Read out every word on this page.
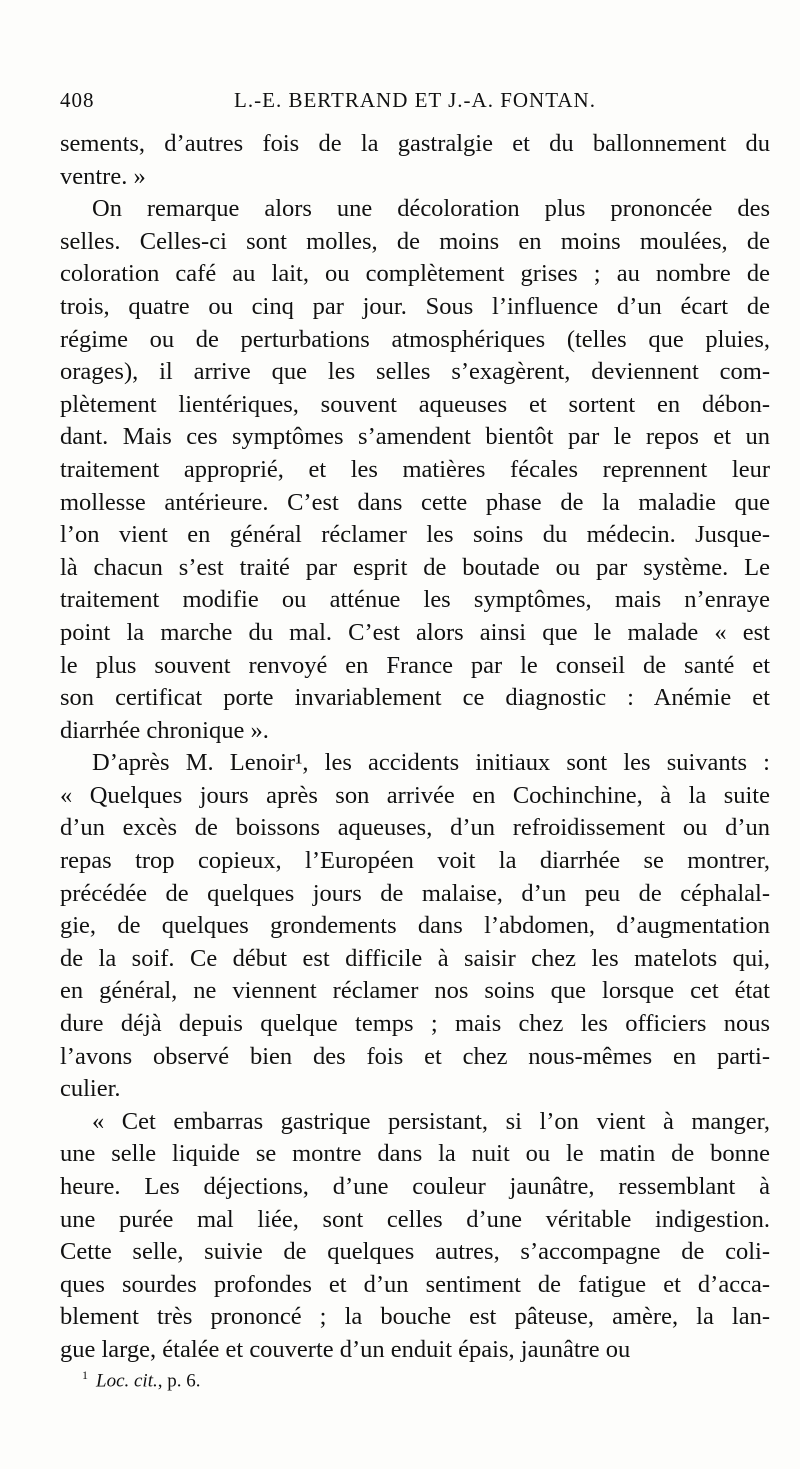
408	L.-E. BERTRAND ET J.-A. FONTAN.
sements, d’autres fois de la gastralgie et du ballonnement du
ventre. »
On remarque alors une décoloration plus prononcée des
selles. Celles-ci sont molles, de moins en moins moulées, de
coloration café au lait, ou complètement grises ; au nombre de
trois, quatre ou cinq par jour. Sous l’influence d’un écart de
régime ou de perturbations atmosphériques (telles que pluies,
orages), il arrive que les selles s’exagèrent, deviennent com-
plètement lientériques, souvent aqueuses et sortent en débon-
dant. Mais ces symptômes s’amendent bientôt par le repos et un
traitement approprié, et les matières fécales reprennent leur
mollesse antérieure. C’est dans cette phase de la maladie que
l’on vient en général réclamer les soins du médecin. Jusque-
là chacun s’est traité par esprit de boutade ou par système. Le
traitement modifie ou atténue les symptômes, mais n’enraye
point la marche du mal. C’est alors ainsi que le malade « est
le plus souvent renvoyé en France par le conseil de santé et
son certificat porte invariablement ce diagnostic : Anémie et
diarrhée chronique ».
D’après M. Lenoir¹, les accidents initiaux sont les suivants :
« Quelques jours après son arrivée en Cochinchine, à la suite
d’un excès de boissons aqueuses, d’un refroidissement ou d’un
repas trop copieux, l’Européen voit la diarrhée se montrer,
précédée de quelques jours de malaise, d’un peu de céphalal-
gie, de quelques grondements dans l’abdomen, d’augmentation
de la soif. Ce début est difficile à saisir chez les matelots qui,
en général, ne viennent réclamer nos soins que lorsque cet état
dure déjà depuis quelque temps ; mais chez les officiers nous
l’avons observé bien des fois et chez nous-mêmes en parti-
culier.
« Cet embarras gastrique persistant, si l’on vient à manger,
une selle liquide se montre dans la nuit ou le matin de bonne
heure. Les déjections, d’une couleur jaunâtre, ressemblant à
une purée mal liée, sont celles d’une véritable indigestion.
Cette selle, suivie de quelques autres, s’accompagne de coli-
ques sourdes profondes et d’un sentiment de fatigue et d’acca-
blement très prononcé ; la bouche est pâteuse, amère, la lan-
gue large, étalée et couverte d’un enduit épais, jaunâtre ou
$^1$ Loc. cit., p. 6.
